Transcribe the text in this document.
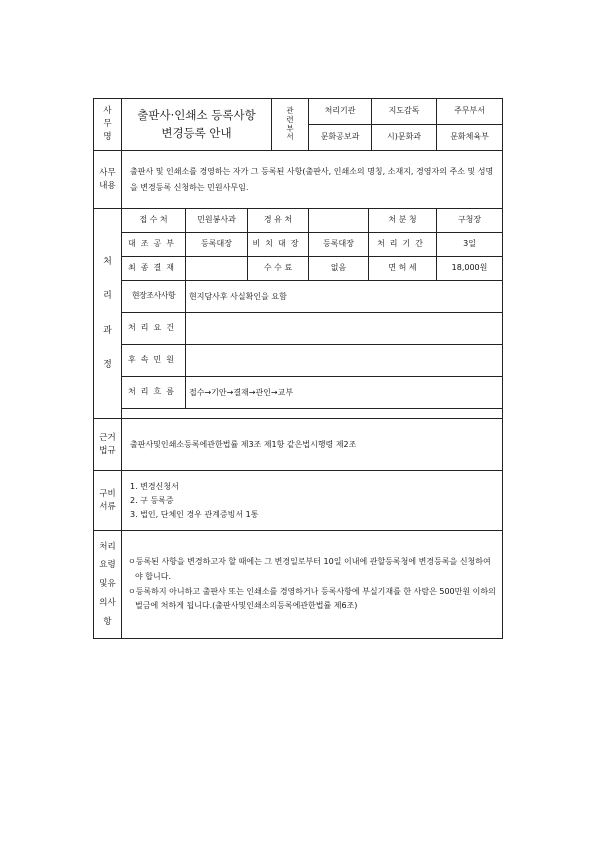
사무명	출판사·인쇄소 등록사항
변경등록 안내			관련부서	처리기관		지도감독	주무부서
					문화공보과		시)문화과	문화체육부
사무내용	출판사 및 인쇄소를 경영하는 자가 그 등록된 사항(출판사, 인쇄소의 명칭, 소재지, 경영자의 주소 및 성명을 변경등록 신청하는 민원사무임.							
처리과정	접 수 처	민원봉사과	경 유 처			처 분 청		구청장
	대조공부	등록대장	비치대장		등록대장	처리기간		3일
	최종결재		수 수 료		없음	면 허 세		18,000원
	현장조사사항	현지담사후 사실확인을 요함						
	처리요건							
	후속민원							
	처리흐름	접수→기안→결재→관인→교부						

근거법규	출판사및인쇄소등록에관한법률 제3조 제1항 같은법시행령 제2조							
구비서류	1. 변경신청서
2. 구 등록증
3. 법인, 단체인 경우 관계증빙서 1통							

처리요령및유의사항	ㅇ등록된 사항을 변경하고자 할 때에는 그 변경일로부터 10일 이내에 관할등록청에 변경등록을 신청하여야 합니다.

ㅇ등록하지 아니하고 출판사 또는 인쇄소를 경영하거나 등록사항에 부실기재를 한 사람은 500만원 이하의 벌금에 처하게 됩니다.(출판사및인쇄소의등록에관한법률 제6조)							
